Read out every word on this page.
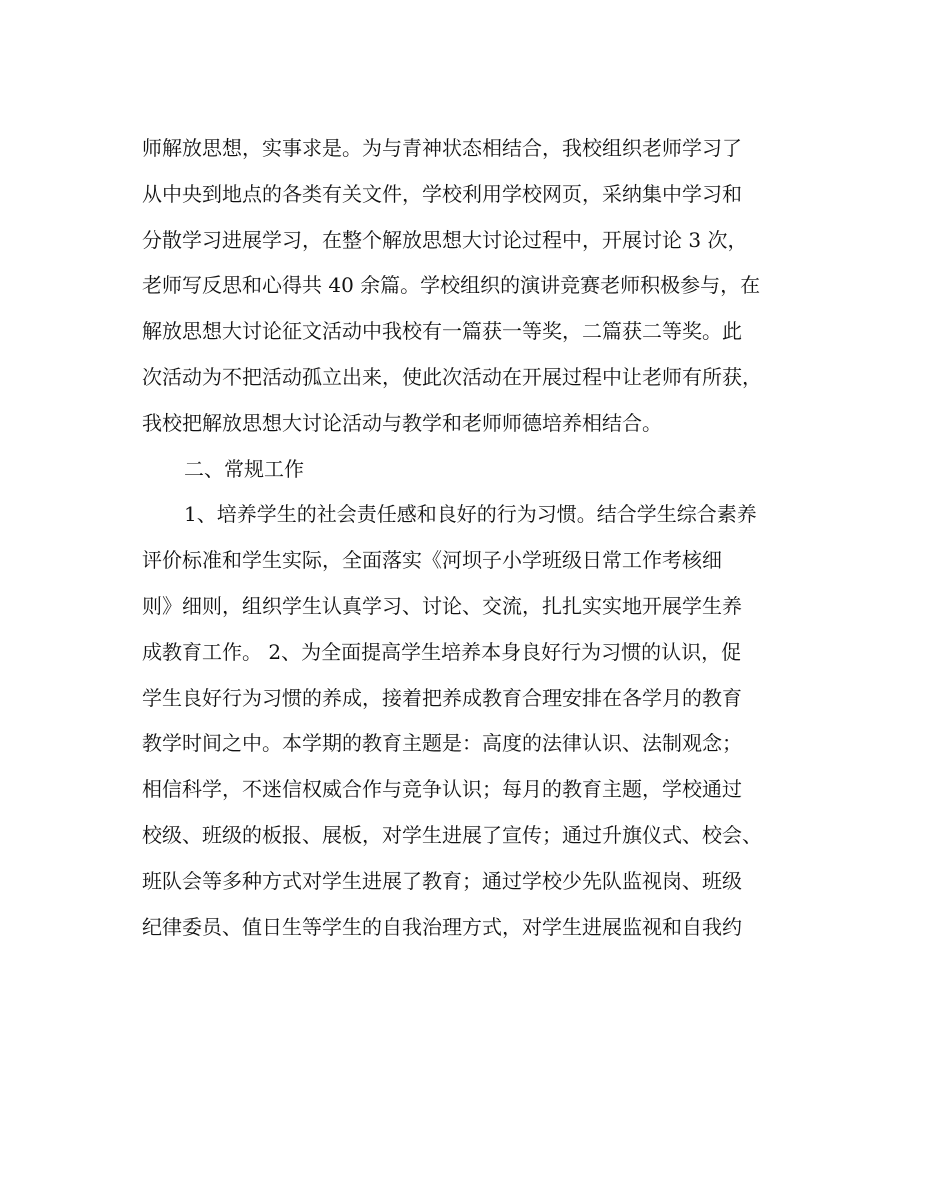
师解放思想，实事求是。为与青神状态相结合，我校组织老师学习了
从中央到地点的各类有关文件，学校利用学校网页，采纳集中学习和
分散学习进展学习，在整个解放思想大讨论过程中，开展讨论 3 次，
老师写反思和心得共 40 余篇。学校组织的演讲竞赛老师积极参与，在
解放思想大讨论征文活动中我校有一篇获一等奖，二篇获二等奖。此
次活动为不把活动孤立出来，使此次活动在开展过程中让老师有所获，
我校把解放思想大讨论活动与教学和老师师德培养相结合。
二、常规工作
1、培养学生的社会责任感和良好的行为习惯。结合学生综合素养
评价标准和学生实际，全面落实《河坝子小学班级日常工作考核细
则》细则，组织学生认真学习、讨论、交流，扎扎实实地开展学生养
成教育工作。 2、为全面提高学生培养本身良好行为习惯的认识，促
学生良好行为习惯的养成，接着把养成教育合理安排在各学月的教育
教学时间之中。本学期的教育主题是：高度的法律认识、法制观念；
相信科学，不迷信权威合作与竞争认识；每月的教育主题，学校通过
校级、班级的板报、展板，对学生进展了宣传；通过升旗仪式、校会、
班队会等多种方式对学生进展了教育；通过学校少先队监视岗、班级
纪律委员、值日生等学生的自我治理方式，对学生进展监视和自我约
